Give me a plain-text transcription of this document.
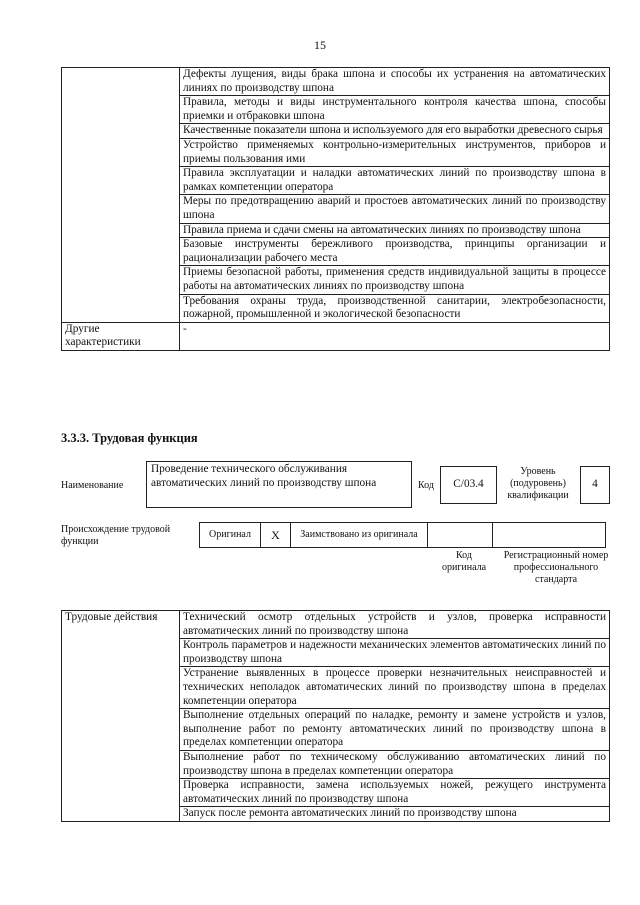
15
	Дефекты лущения, виды брака шпона и способы их устранения на автоматических линиях по производству шпона
	Правила, методы и виды инструментального контроля качества шпона, способы приемки и отбраковки шпона
	Качественные показатели шпона и используемого для его выработки древесного сырья
	Устройство применяемых контрольно-измерительных инструментов, приборов и приемы пользования ими
	Правила эксплуатации и наладки автоматических линий по производству шпона в рамках компетенции оператора
	Меры по предотвращению аварий и простоев автоматических линий по производству шпона
	Правила приема и сдачи смены на автоматических линиях по производству шпона
	Базовые инструменты бережливого производства, принципы организации и рационализации рабочего места
	Приемы безопасной работы, применения средств индивидуальной защиты в процессе работы на автоматических линиях по производству шпона
	Требования охраны труда, производственной санитарии, электробезопасности, пожарной, промышленной и экологической безопасности
Другие характеристики	-
3.3.3. Трудовая функция
Наименование
Проведение технического обслуживания автоматических линий по производству шпона	Код	C/03.4
Уровень (подуровень) квалификации
4
Происхождение трудовой функции
Оригинал	Х	Заимствовано из оригинала		
Код оригинала
Регистрационный номер профессионального стандарта
Трудовые действия	Технический осмотр отдельных устройств и узлов, проверка исправности автоматических линий по производству шпона
Контроль параметров и надежности механических элементов автоматических линий по производству шпона
Устранение выявленных в процессе проверки незначительных неисправностей и технических неполадок автоматических линий по производству шпона в пределах компетенции оператора
Выполнение отдельных операций по наладке, ремонту и замене устройств и узлов, выполнение работ по ремонту автоматических линий по производству шпона в пределах компетенции оператора
Выполнение работ по техническому обслуживанию автоматических линий по производству шпона в пределах компетенции оператора
Проверка исправности, замена используемых ножей, режущего инструмента автоматических линий по производству шпона
Запуск после ремонта автоматических линий по производству шпона
